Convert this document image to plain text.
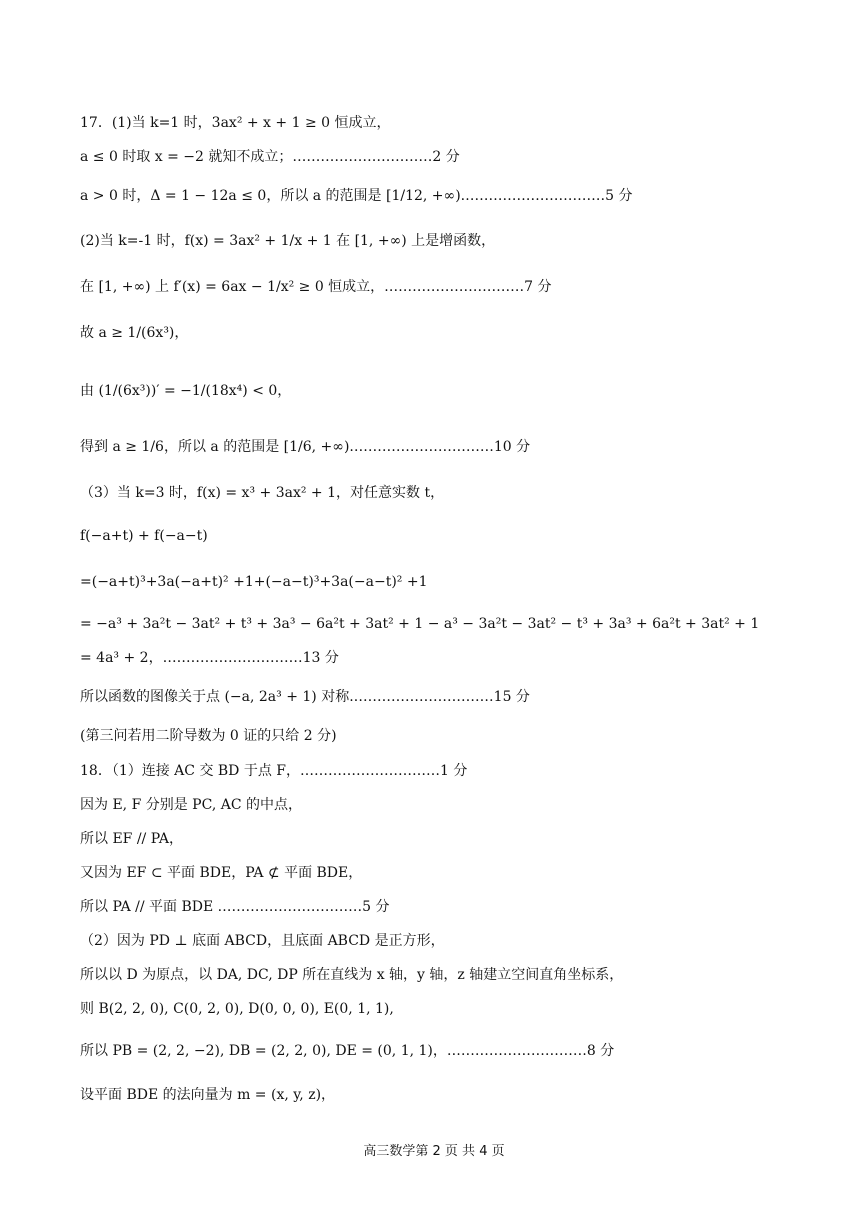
17．(1)当 k=1 时，3ax² + x + 1 ≥ 0 恒成立，
a ≤ 0 时取 x = −2 就知不成立；…………………………2 分
a > 0 时，Δ = 1 − 12a ≤ 0，所以 a 的范围是 [1/12, +∞).…………………………5 分
(2)当 k=-1 时，f(x) = 3ax² + 1/x + 1 在 [1, +∞) 上是增函数，
在 [1, +∞) 上 f′(x) = 6ax − 1/x² ≥ 0 恒成立，…………………………7 分
故 a ≥ 1/(6x³)，
由 (1/(6x³))′ = −1/(18x⁴) < 0，
得到 a ≥ 1/6，所以 a 的范围是 [1/6, +∞).…………………………10 分
（3）当 k=3 时，f(x) = x³ + 3ax² + 1，对任意实数 t，
f(−a+t) + f(−a−t)
=(−a+t)³+3a(−a+t)² +1+(−a−t)³+3a(−a−t)² +1
= −a³ + 3a²t − 3at² + t³ + 3a³ − 6a²t + 3at² + 1 − a³ − 3a²t − 3at² − t³ + 3a³ + 6a²t + 3at² + 1
= 4a³ + 2，…………………………13 分
所以函数的图像关于点 (−a, 2a³ + 1) 对称.…………………………15 分
(第三问若用二阶导数为 0 证的只给 2 分)
18．（1）连接 AC 交 BD 于点 F，…………………………1 分
因为 E, F 分别是 PC, AC 的中点，
所以 EF // PA，
又因为 EF ⊂ 平面 BDE，PA ⊄ 平面 BDE，
所以 PA // 平面 BDE .…………………………5 分
（2）因为 PD ⊥ 底面 ABCD，且底面 ABCD 是正方形，
所以以 D 为原点，以 DA, DC, DP 所在直线为 x 轴，y 轴，z 轴建立空间直角坐标系，
则 B(2, 2, 0), C(0, 2, 0), D(0, 0, 0), E(0, 1, 1),
所以 PB = (2, 2, −2), DB = (2, 2, 0), DE = (0, 1, 1)，…………………………8 分
设平面 BDE 的法向量为 m = (x, y, z)，
高三数学第 2 页 共 4 页
